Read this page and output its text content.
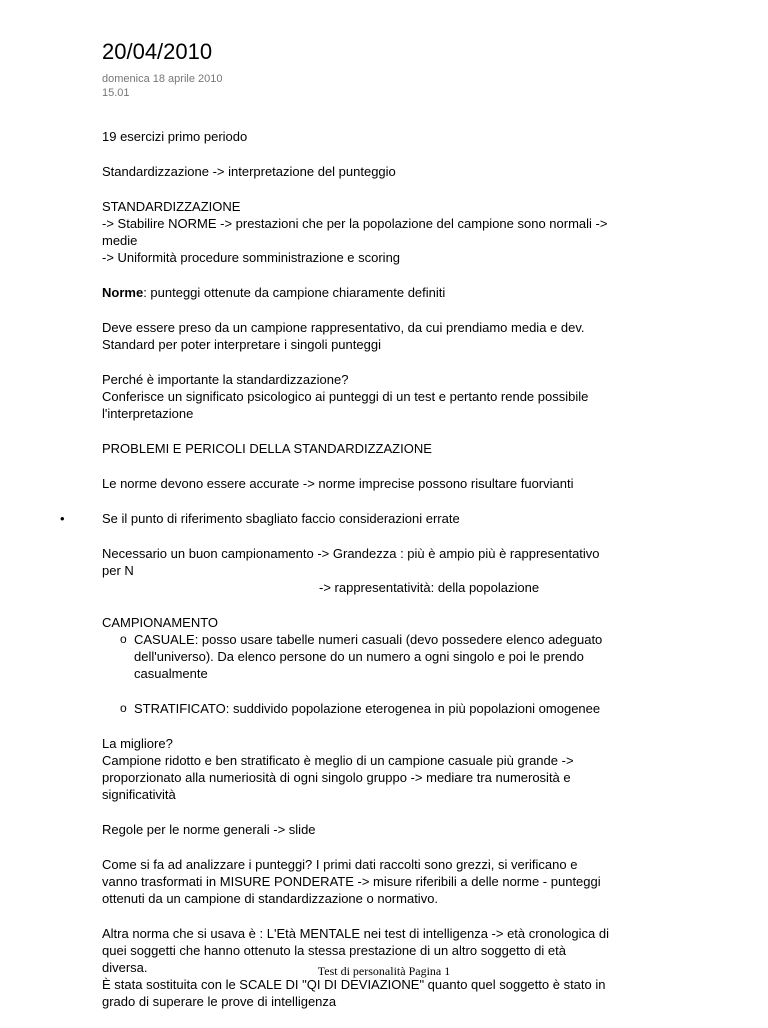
20/04/2010
domenica 18 aprile 2010
15.01
19 esercizi primo periodo
Standardizzazione -> interpretazione del punteggio
STANDARDIZZAZIONE
-> Stabilire NORME -> prestazioni che per la popolazione del campione sono normali ->
medie
-> Uniformità procedure somministrazione e scoring
Norme: punteggi ottenute da campione chiaramente definiti
Deve essere preso da un campione rappresentativo, da cui prendiamo media e dev.
Standard per poter interpretare i singoli punteggi
Perché è importante la standardizzazione?
Conferisce un significato psicologico ai punteggi di un test e pertanto rende possibile
l'interpretazione
PROBLEMI E PERICOLI DELLA STANDARDIZZAZIONE
Le norme devono essere accurate -> norme imprecise possono risultare fuorvianti
•	Se il punto di riferimento sbagliato faccio considerazioni errate
Necessario un buon campionamento -> Grandezza : più è ampio più è rappresentativo
per N
-> rappresentatività: della popolazione
CAMPIONAMENTO
o CASUALE: posso usare tabelle numeri casuali (devo possedere elenco adeguato
dell'universo). Da elenco persone do un numero a ogni singolo e poi le prendo
casualmente
o STRATIFICATO: suddivido popolazione eterogenea in più popolazioni omogenee
La migliore?
Campione ridotto e ben stratificato è meglio di un campione casuale più grande ->
proporzionato alla numeriosità di ogni singolo gruppo -> mediare tra numerosità e
significatività
Regole per le norme generali -> slide
Come si fa ad analizzare i punteggi? I primi dati raccolti sono grezzi, si verificano e
vanno trasformati in MISURE PONDERATE -> misure riferibili a delle norme - punteggi
ottenuti da un campione di standardizzazione o normativo.
Altra norma che si usava è : L'Età MENTALE nei test di intelligenza -> età cronologica di
quei soggetti che hanno ottenuto la stessa prestazione di un altro soggetto di età
diversa.
È stata sostituita con le SCALE DI "QI DI DEVIAZIONE" quanto quel soggetto è stato in
grado di superare le prove di intelligenza
Test di personalità Pagina 1
